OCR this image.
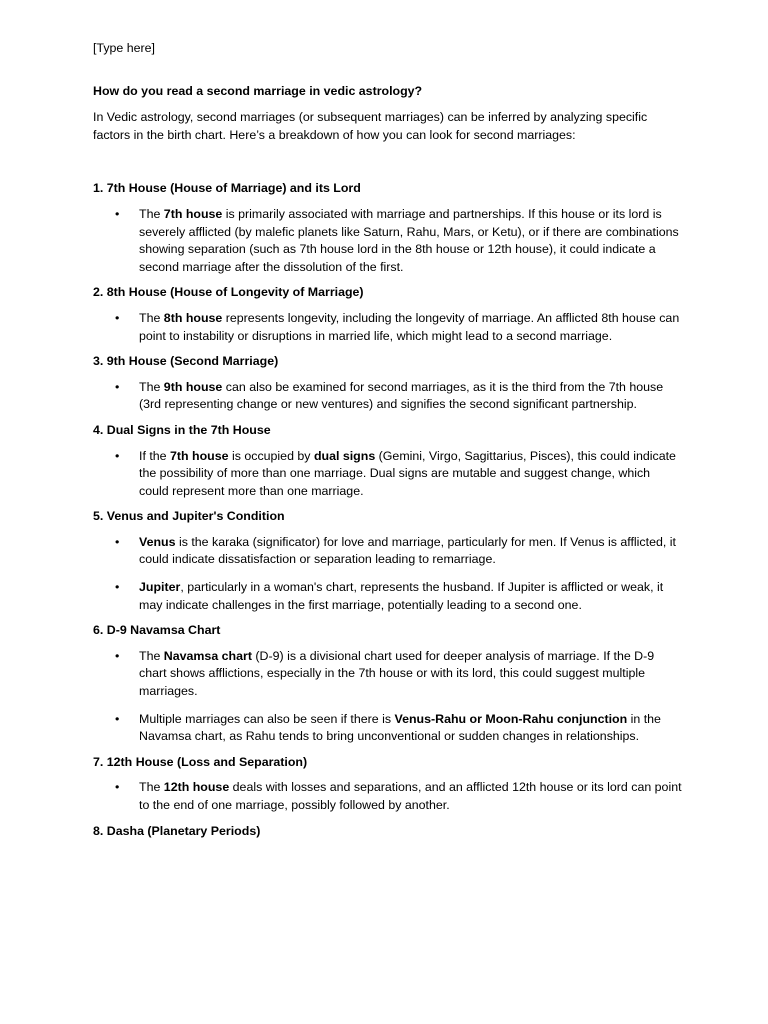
[Type here]

How do you read a second marriage in vedic astrology?

In Vedic astrology, second marriages (or subsequent marriages) can be inferred by analyzing specific factors in the birth chart. Here’s a breakdown of how you can look for second marriages:

1. 7th House (House of Marriage) and its Lord

• The 7th house is primarily associated with marriage and partnerships. If this house or its lord is severely afflicted (by malefic planets like Saturn, Rahu, Mars, or Ketu), or if there are combinations showing separation (such as 7th house lord in the 8th house or 12th house), it could indicate a second marriage after the dissolution of the first.

2. 8th House (House of Longevity of Marriage)

• The 8th house represents longevity, including the longevity of marriage. An afflicted 8th house can point to instability or disruptions in married life, which might lead to a second marriage.

3. 9th House (Second Marriage)

• The 9th house can also be examined for second marriages, as it is the third from the 7th house (3rd representing change or new ventures) and signifies the second significant partnership.

4. Dual Signs in the 7th House

• If the 7th house is occupied by dual signs (Gemini, Virgo, Sagittarius, Pisces), this could indicate the possibility of more than one marriage. Dual signs are mutable and suggest change, which could represent more than one marriage.

5. Venus and Jupiter's Condition

• Venus is the karaka (significator) for love and marriage, particularly for men. If Venus is afflicted, it could indicate dissatisfaction or separation leading to remarriage.
• Jupiter, particularly in a woman's chart, represents the husband. If Jupiter is afflicted or weak, it may indicate challenges in the first marriage, potentially leading to a second one.

6. D-9 Navamsa Chart

• The Navamsa chart (D-9) is a divisional chart used for deeper analysis of marriage. If the D-9 chart shows afflictions, especially in the 7th house or with its lord, this could suggest multiple marriages.
• Multiple marriages can also be seen if there is Venus-Rahu or Moon-Rahu conjunction in the Navamsa chart, as Rahu tends to bring unconventional or sudden changes in relationships.

7. 12th House (Loss and Separation)

• The 12th house deals with losses and separations, and an afflicted 12th house or its lord can point to the end of one marriage, possibly followed by another.

8. Dasha (Planetary Periods)
